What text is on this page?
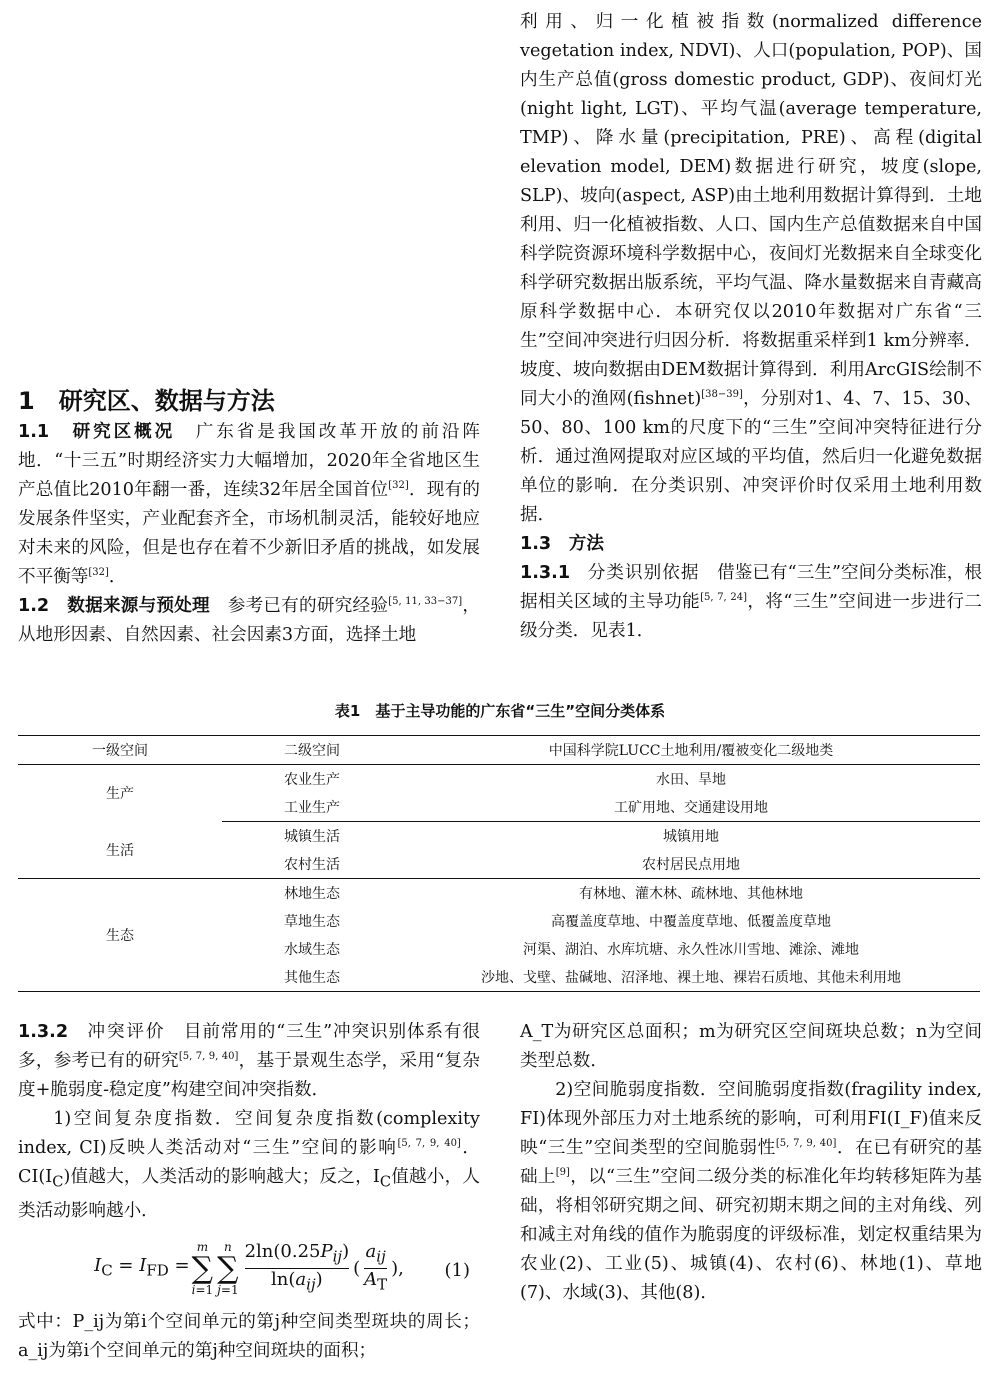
利用、归一化植被指数(normalized difference vegetation index, NDVI)、人口(population, POP)、国内生产总值(gross domestic product, GDP)、夜间灯光(night light, LGT)、平均气温(average temperature, TMP)、降水量(precipitation, PRE)、高程(digital elevation model, DEM)数据进行研究，坡度(slope, SLP)、坡向(aspect, ASP)由土地利用数据计算得到．土地利用、归一化植被指数、人口、国内生产总值数据来自中国科学院资源环境科学数据中心，夜间灯光数据来自全球变化科学研究数据出版系统，平均气温、降水量数据来自青藏高原科学数据中心．本研究仅以2010年数据对广东省“三生”空间冲突进行归因分析．将数据重采样到1 km分辨率．坡度、坡向数据由DEM数据计算得到．利用ArcGIS绘制不同大小的渔网(fishnet)[38−39]，分别对1、4、7、15、30、50、80、100 km的尺度下的“三生”空间冲突特征进行分析．通过渔网提取对应区域的平均值，然后归一化避免数据单位的影响．在分类识别、冲突评价时仅采用土地利用数据．

1.3　方法

1.3.1　 分类识别依据　 借鉴已有“三生”空间分类标准，根据相关区域的主导功能[5, 7, 24]，将“三生”空间进一步进行二级分类．见表1．

1　研究区、数据与方法

1.1　研究区概况　 广东省是我国改革开放的前沿阵地．“十三五”时期经济实力大幅增加，2020年全省地区生产总值比2010年翻一番，连续32年居全国首位[32]．现有的发展条件坚实，产业配套齐全，市场机制灵活，能较好地应对未来的风险，但是也存在着不少新旧矛盾的挑战，如发展不平衡等[32]．

1.2　数据来源与预处理　 参考已有的研究经验[5, 11, 33−37]，从地形因素、自然因素、社会因素3方面，选择土地

表1　基于主导功能的广东省“三生”空间分类体系
一级空间	二级空间	中国科学院LUCC土地利用/覆被变化二级地类
生产	农业生产	水田、旱地
	工业生产	工矿用地、交通建设用地
生活	城镇生活	城镇用地
	农村生活	农村居民点用地
生态	林地生态	有林地、灌木林、疏林地、其他林地
	草地生态	高覆盖度草地、中覆盖度草地、低覆盖度草地
	水域生态	河渠、湖泊、水库坑塘、永久性冰川雪地、滩涂、滩地
	其他生态	沙地、戈壁、盐碱地、沼泽地、裸土地、裸岩石质地、其他未利用地

1.3.2　 冲突评价　 目前常用的“三生”冲突识别体系有很多，参考已有的研究[5, 7, 9, 40]，基于景观生态学，采用“复杂度+脆弱度-稳定度”构建空间冲突指数．

1)空间复杂度指数．空间复杂度指数(complexity index, CI)反映人类活动对“三生”空间的影响[5, 7, 9, 40]．$CI(I_C)$值越大，人类活动的影响越大；反之，$I_C$值越小，人类活动影响越小．

$I_C = I_{FD}$ =
m
∑
i=1
n
∑
$j=1 \frac{2\ln(0.25P_{ij})}{\ln(a_{ij})}$ ( $\frac{a_{ij}}{A_T}$ ), (1)

式中：P_ij为第i个空间单元的第j种空间类型斑块的周长；a_ij为第i个空间单元的第j种空间斑块的面积；

A_T为研究区总面积；m为研究区空间斑块总数；n为空间类型总数．

2)空间脆弱度指数．空间脆弱度指数(fragility index, FI)体现外部压力对土地系统的影响，可利用FI(I_F)值来反映“三生”空间类型的空间脆弱性[5, 7, 9, 40]．在已有研究的基础上[9]，以“三生”空间二级分类的标准化年均转移矩阵为基础，将相邻研究期之间、研究初期末期之间的主对角线、列和减主对角线的值作为脆弱度的评级标准，划定权重结果为农业(2)、工业(5)、城镇(4)、农村(6)、林地(1)、草地(7)、水域(3)、其他(8)．
